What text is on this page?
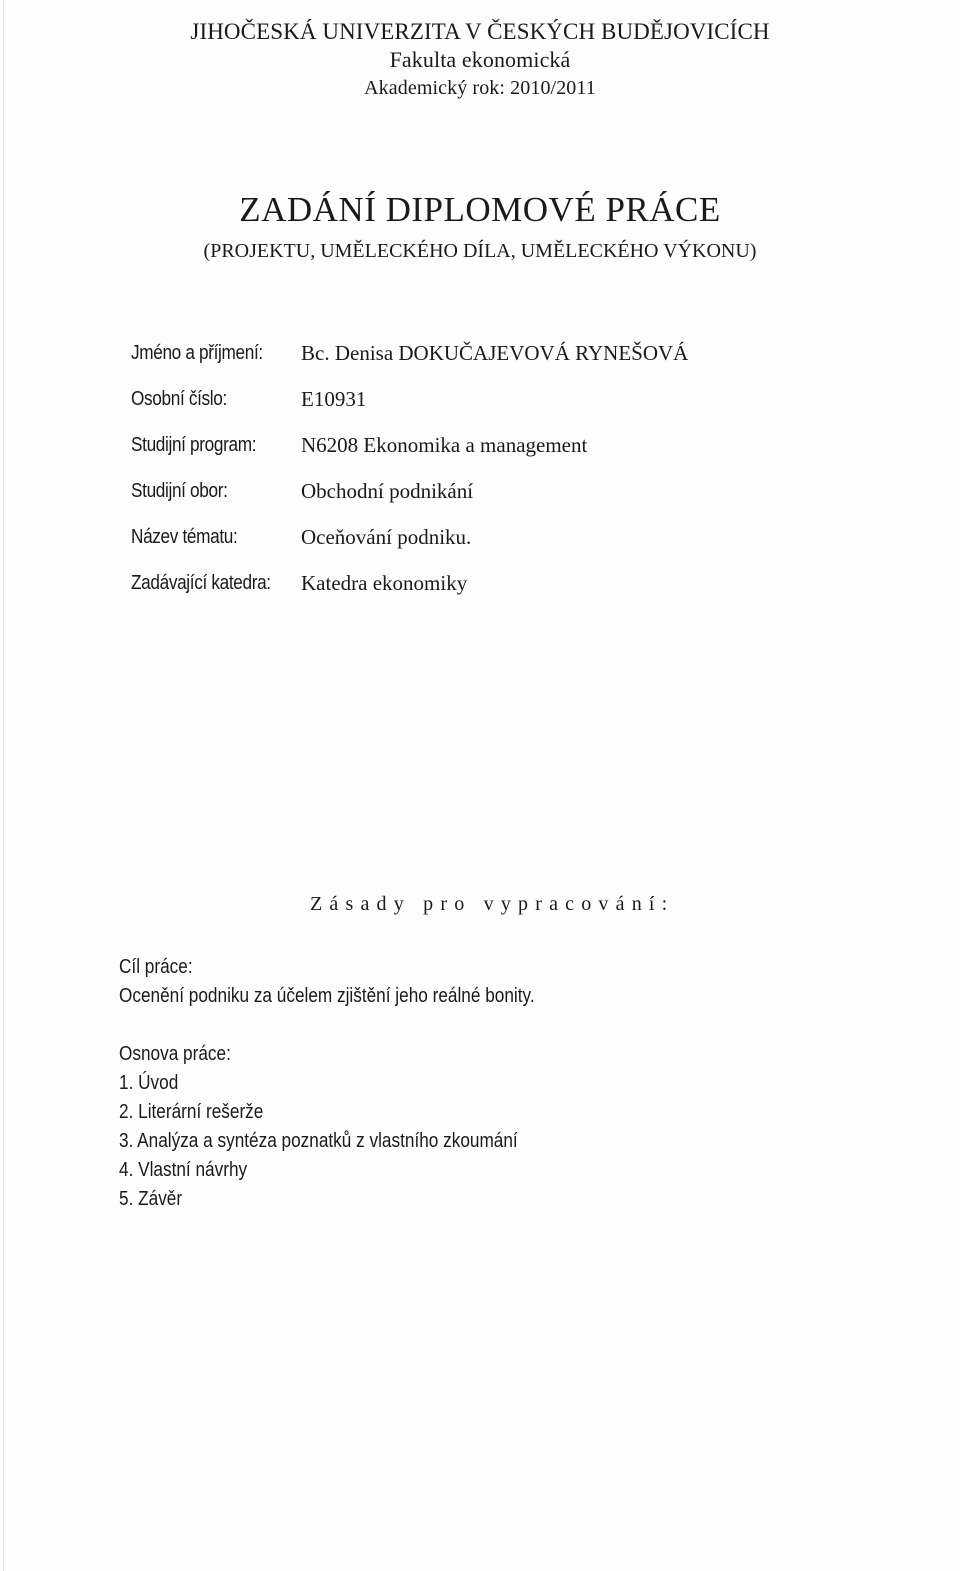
JIHOČESKÁ UNIVERZITA V ČESKÝCH BUDĚJOVICÍCH
Fakulta ekonomická
Akademický rok: 2010/2011
ZADÁNÍ DIPLOMOVÉ PRÁCE
(PROJEKTU, UMĚLECKÉHO DÍLA, UMĚLECKÉHO VÝKONU)
Jméno a příjmení:	Bc. Denisa DOKUČAJEVOVÁ RYNEŠOVÁ
Osobní číslo:	E10931
Studijní program:	N6208 Ekonomika a management
Studijní obor:	Obchodní podnikání
Název tématu:	Oceňování podniku.
Zadávající katedra:	Katedra ekonomiky
Zásady pro vypracování:
Cíl práce:
Ocenění podniku za účelem zjištění jeho reálné bonity.
Osnova práce:
1. Úvod
2. Literární rešerže
3. Analýza a syntéza poznatků z vlastního zkoumání
4. Vlastní návrhy
5. Závěr
